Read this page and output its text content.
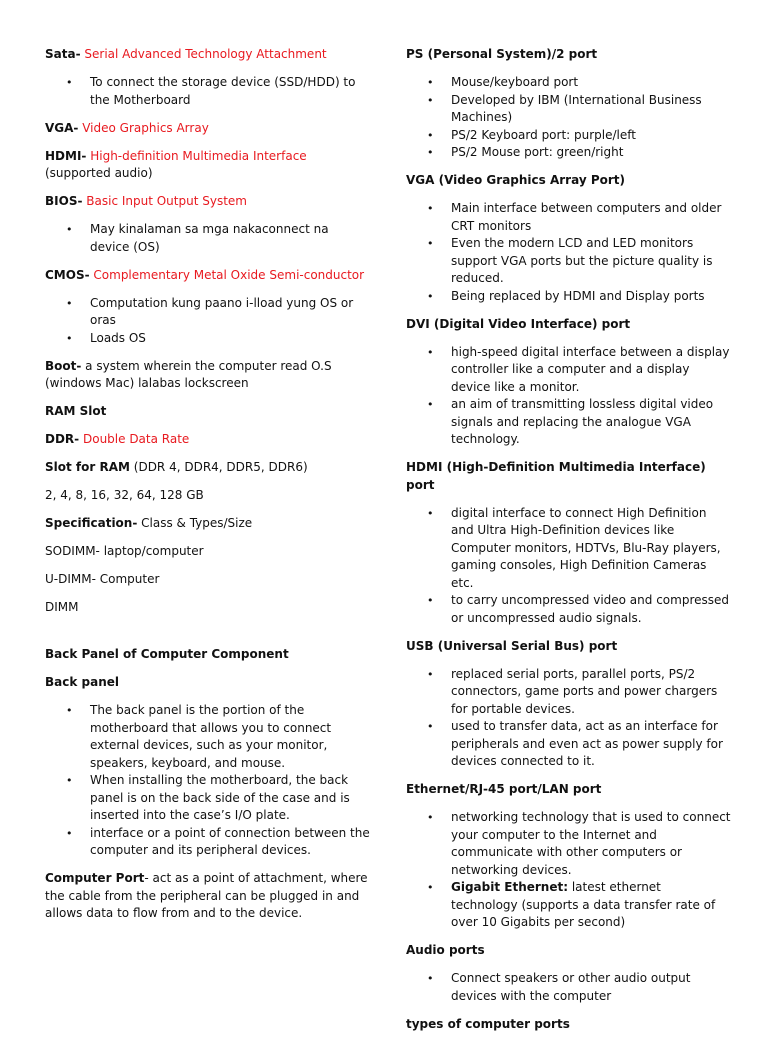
Sata- Serial Advanced Technology Attachment

• To connect the storage device (SSD/HDD) to the Motherboard

VGA- Video Graphics Array

HDMI- High-definition Multimedia Interface (supported audio)

BIOS- Basic Input Output System

• May kinalaman sa mga nakaconnect na device (OS)

CMOS- Complementary Metal Oxide Semi-conductor

• Computation kung paano i-lload yung OS or oras
• Loads OS

Boot- a system wherein the computer read O.S (windows Mac) lalabas lockscreen

RAM Slot

DDR- Double Data Rate

Slot for RAM (DDR 4, DDR4, DDR5, DDR6)

2, 4, 8, 16, 32, 64, 128 GB

Specification- Class & Types/Size

SODIMM- laptop/computer

U-DIMM- Computer

DIMM

Back Panel of Computer Component

Back panel

• The back panel is the portion of the motherboard that allows you to connect external devices, such as your monitor, speakers, keyboard, and mouse.
• When installing the motherboard, the back panel is on the back side of the case and is inserted into the case’s I/O plate.
• interface or a point of connection between the computer and its peripheral devices.

Computer Port- act as a point of attachment, where the cable from the peripheral can be plugged in and allows data to flow from and to the device.

PS (Personal System)/2 port

• Mouse/keyboard port
• Developed by IBM (International Business Machines)
• PS/2 Keyboard port: purple/left
• PS/2 Mouse port: green/right

VGA (Video Graphics Array Port)

• Main interface between computers and older CRT monitors
• Even the modern LCD and LED monitors support VGA ports but the picture quality is reduced.
• Being replaced by HDMI and Display ports

DVI (Digital Video Interface) port

• high-speed digital interface between a display controller like a computer and a display device like a monitor.
• an aim of transmitting lossless digital video signals and replacing the analogue VGA technology.

HDMI (High-Definition Multimedia Interface) port

• digital interface to connect High Definition and Ultra High-Definition devices like Computer monitors, HDTVs, Blu-Ray players, gaming consoles, High Definition Cameras etc.
• to carry uncompressed video and compressed or uncompressed audio signals.

USB (Universal Serial Bus) port

• replaced serial ports, parallel ports, PS/2 connectors, game ports and power chargers for portable devices.
• used to transfer data, act as an interface for peripherals and even act as power supply for devices connected to it.

Ethernet/RJ-45 port/LAN port

• networking technology that is used to connect your computer to the Internet and communicate with other computers or networking devices.
• Gigabit Ethernet: latest ethernet technology (supports a data transfer rate of over 10 Gigabits per second)

Audio ports

• Connect speakers or other audio output devices with the computer

types of computer ports
